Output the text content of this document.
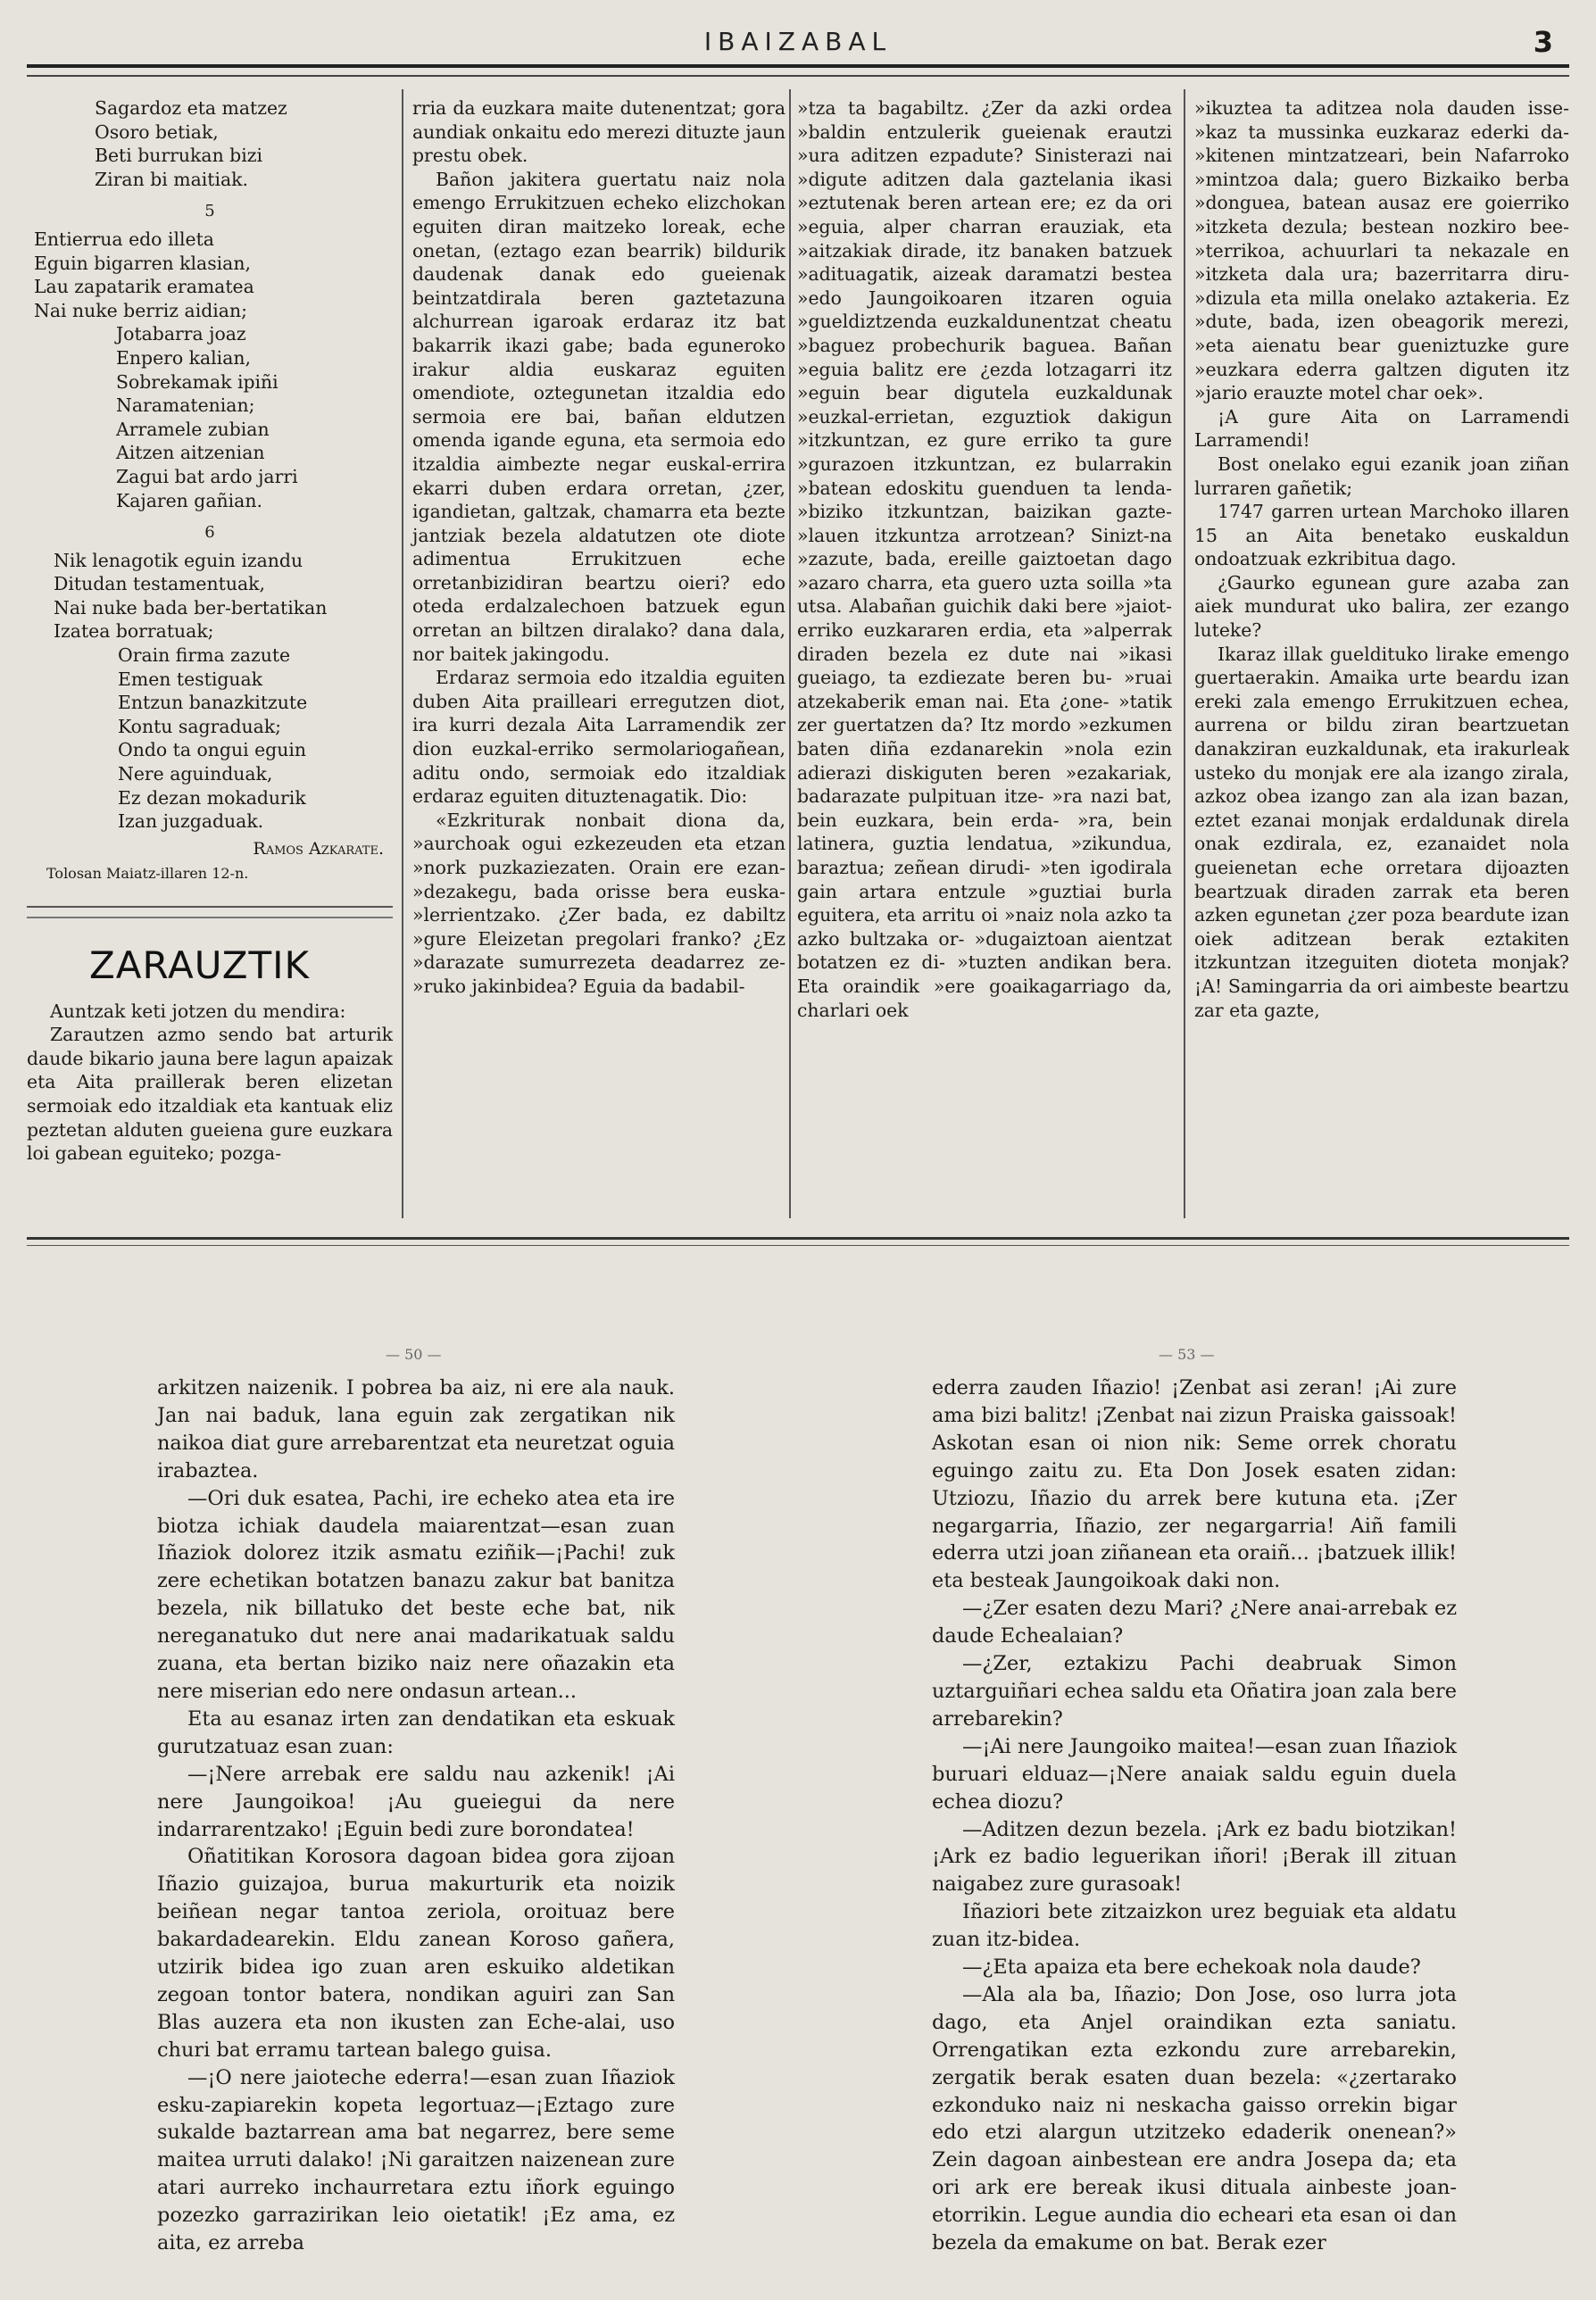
IBAIZABAL	3
Sagardoz eta matzez
Osoro betiak,
Beti burrukan bizi
Ziran bi maitiak.
5
Entierrua edo illeta
Eguin bigarren klasian,
Lau zapatarik eramatea
Nai nuke berriz aidian;
Jotabarra joaz
Enpero kalian,
Sobrekamak ipiñi
Naramatenian;
Arramele zubian
Aitzen aitzenian
Zagui bat ardo jarri
Kajaren gañian.
6
Nik lenagotik eguin izandu
Ditudan testamentuak,
Nai nuke bada ber-bertatikan
Izatea borratuak;
Orain firma zazute
Emen testiguak
Entzun banazkitzute
Kontu sagraduak;
Ondo ta ongui eguin
Nere aguinduak,
Ez dezan mokadurik
Izan juzgaduak.
Ramos Azkarate.
Tolosan Maiatz-illaren 12-n.
ZARAUZTIK

Auntzak keti jotzen du mendira:

Zarautzen azmo sendo bat arturik daude bikario jauna bere lagun apaizak eta Aita praillerak beren elizetan sermoiak edo itzaldiak eta kantuak eliz peztetan alduten gueiena gure euzkara loi gabean eguiteko; pozga-

rria da euzkara maite dutenentzat; gora aundiak onkaitu edo merezi dituzte jaun prestu obek.

Bañon jakitera guertatu naiz nola emengo Errukitzuen echeko elizchokan eguiten diran maitzeko loreak, eche onetan, (eztago ezan bearrik) bildurik daudenak danak edo gueienak beintzatdirala beren gaztetazuna alchurrean igaroak erdaraz itz bat bakarrik ikazi gabe; bada eguneroko irakur aldia euskaraz eguiten omendiote, oztegunetan itzaldia edo sermoia ere bai, bañan eldutzen omenda igande eguna, eta sermoia edo itzaldia aimbezte negar euskal-errira ekarri duben erdara orretan, ¿zer, igandietan, galtzak, chamarra eta bezte jantziak bezela aldatutzen ote diote adimentua Errukitzuen eche orretanbizidiran beartzu oieri? edo oteda erdalzalechoen batzuek egun orretan an biltzen diralako? dana dala, nor baitek jakingodu.

Erdaraz sermoia edo itzaldia eguiten duben Aita prailleari erregutzen diot, ira kurri dezala Aita Larramendik zer dion euzkal-erriko sermolariogañean, aditu ondo, sermoiak edo itzaldiak erdaraz eguiten dituztenagatik. Dio:

«Ezkriturak nonbait diona da, »aurchoak ogui ezkezeuden eta etzan »nork puzkaziezaten. Orain ere ezan- »dezakegu, bada orisse bera euska- »lerrientzako. ¿Zer bada, ez dabiltz »gure Eleizetan pregolari franko? ¿Ez »darazate sumurrezeta deadarrez ze- »ruko jakinbidea? Eguia da badabil-

»tza ta bagabiltz. ¿Zer da azki ordea »baldin entzulerik gueienak erautzi »ura aditzen ezpadute? Sinisterazi nai »digute aditzen dala gaztelania ikasi »eztutenak beren artean ere; ez da ori »eguia, alper charran erauziak, eta »aitzakiak dirade, itz banaken batzuek »adituagatik, aizeak daramatzi bestea »edo Jaungoikoaren itzaren oguia »gueldiztzenda euzkaldunentzat cheatu »baguez probechurik baguea. Bañan »eguia balitz ere ¿ezda lotzagarri itz »eguin bear digutela euzkaldunak »euzkal-errietan, ezguztiok dakigun »itzkuntzan, ez gure erriko ta gure »gurazoen itzkuntzan, ez bularrakin »batean edoskitu guenduen ta lenda- »biziko itzkuntzan, baizikan gazte- »lauen itzkuntza arrotzean? Sinizt-na »zazute, bada, ereille gaiztoetan dago »azaro charra, eta guero uzta soilla »ta utsa. Alabañan guichik daki bere »jaiot-erriko euzkararen erdia, eta »alperrak diraden bezela ez dute nai »ikasi gueiago, ta ezdiezate beren bu- »ruai atzekaberik eman nai. Eta ¿one- »tatik zer guertatzen da? Itz mordo »ezkumen baten diña ezdanarekin »nola ezin adierazi diskiguten beren »ezakariak, badarazate pulpituan itze- »ra nazi bat, bein euzkara, bein erda- »ra, bein latinera, guztia lendatua, »zikundua, baraztua; zeñean dirudi- »ten igodirala gain artara entzule »guztiai burla eguitera, eta arritu oi »naiz nola azko ta azko bultzaka or- »dugaiztoan aientzat botatzen ez di- »tuzten andikan bera. Eta oraindik »ere goaikagarriago da, charlari oek

»ikuztea ta aditzea nola dauden isse- »kaz ta mussinka euzkaraz ederki da- »kitenen mintzatzeari, bein Nafarroko »mintzoa dala; guero Bizkaiko berba »donguea, batean ausaz ere goierriko »itzketa dezula; bestean nozkiro bee- »terrikoa, achuurlari ta nekazale en »itzketa dala ura; bazerritarra diru- »dizula eta milla onelako aztakeria. Ez »dute, bada, izen obeagorik merezi, »eta aienatu bear gueniztuzke gure »euzkara ederra galtzen diguten itz »jario erauzte motel char oek».

¡A gure Aita on Larramendi Larramendi!

Bost onelako egui ezanik joan ziñan lurraren gañetik;

1747 garren urtean Marchoko illaren 15 an Aita benetako euskaldun ondoatzuak ezkribitua dago.

¿Gaurko egunean gure azaba zan aiek mundurat uko balira, zer ezango luteke?

Ikaraz illak gueldituko lirake emengo guertaerakin. Amaika urte beardu izan ereki zala emengo Errukitzuen echea, aurrena or bildu ziran beartzuetan danakziran euzkaldunak, eta irakurleak usteko du monjak ere ala izango zirala, azkoz obea izango zan ala izan bazan, eztet ezanai monjak erdaldunak direla onak ezdirala, ez, ezanaidet nola gueienetan eche orretara dijoazten beartzuak diraden zarrak eta beren azken egunetan ¿zer poza beardute izan oiek aditzean berak eztakiten itzkuntzan itzeguiten dioteta monjak? ¡A! Samingarria da ori aimbeste beartzu zar eta gazte,

— 50 —	— 53 —

arkitzen naizenik. I pobrea ba aiz, ni ere ala nauk. Jan nai baduk, lana eguin zak zergatikan nik naikoa diat gure arrebarentzat eta neuretzat oguia irabaztea.

—Ori duk esatea, Pachi, ire echeko atea eta ire biotza ichiak daudela maiarentzat—esan zuan Iñaziok dolorez itzik asmatu eziñik—¡Pachi! zuk zere echetikan botatzen banazu zakur bat banitza bezela, nik billatuko det beste eche bat, nik nereganatuko dut nere anai madarikatuak saldu zuana, eta bertan biziko naiz nere oñazakin eta nere miserian edo nere ondasun artean...

Eta au esanaz irten zan dendatikan eta eskuak gurutzatuaz esan zuan:

—¡Nere arrebak ere saldu nau azkenik! ¡Ai nere Jaungoikoa! ¡Au gueiegui da nere indarrarentzako! ¡Eguin bedi zure borondatea!

Oñatitikan Korosora dagoan bidea gora zijoan Iñazio guizajoa, burua makurturik eta noizik beiñean negar tantoa zeriola, oroituaz bere bakardadearekin. Eldu zanean Koroso gañera, utzirik bidea igo zuan aren eskuiko aldetikan zegoan tontor batera, nondikan aguiri zan San Blas auzera eta non ikusten zan Eche-alai, uso churi bat erramu tartean balego guisa.

—¡O nere jaioteche ederra!—esan zuan Iñaziok esku-zapiarekin kopeta legortuaz—¡Eztago zure sukalde baztarrean ama bat negarrez, bere seme maitea urruti dalako! ¡Ni garaitzen naizenean zure atari aurreko inchaurretara eztu iñork eguingo pozezko garrazirikan leio oietatik! ¡Ez ama, ez aita, ez arreba

ederra zauden Iñazio! ¡Zenbat asi zeran! ¡Ai zure ama bizi balitz! ¡Zenbat nai zizun Praiska gaissoak! Askotan esan oi nion nik: Seme orrek choratu eguingo zaitu zu. Eta Don Josek esaten zidan: Utziozu, Iñazio du arrek bere kutuna eta. ¡Zer negargarria, Iñazio, zer negargarria! Aiñ famili ederra utzi joan ziñanean eta oraiñ... ¡batzuek illik! eta besteak Jaungoikoak daki non.

—¿Zer esaten dezu Mari? ¿Nere anai-arrebak ez daude Echealaian?

—¿Zer, eztakizu Pachi deabruak Simon uztarguiñari echea saldu eta Oñatira joan zala bere arrebarekin?

—¡Ai nere Jaungoiko maitea!—esan zuan Iñaziok buruari elduaz—¡Nere anaiak saldu eguin duela echea diozu?

—Aditzen dezun bezela. ¡Ark ez badu biotzikan! ¡Ark ez badio leguerikan iñori! ¡Berak ill zituan naigabez zure gurasoak!

Iñaziori bete zitzaizkon urez beguiak eta aldatu zuan itz-bidea.

—¿Eta apaiza eta bere echekoak nola daude?

—Ala ala ba, Iñazio; Don Jose, oso lurra jota dago, eta Anjel oraindikan ezta saniatu. Orrengatikan ezta ezkondu zure arrebarekin, zergatik berak esaten duan bezela: «¿zertarako ezkonduko naiz ni neskacha gaisso orrekin bigar edo etzi alargun utzitzeko edaderik onenean?» Zein dagoan ainbestean ere andra Josepa da; eta ori ark ere bereak ikusi dituala ainbeste joan-etorrikin. Legue aundia dio echeari eta esan oi dan bezela da emakume on bat. Berak ezer
